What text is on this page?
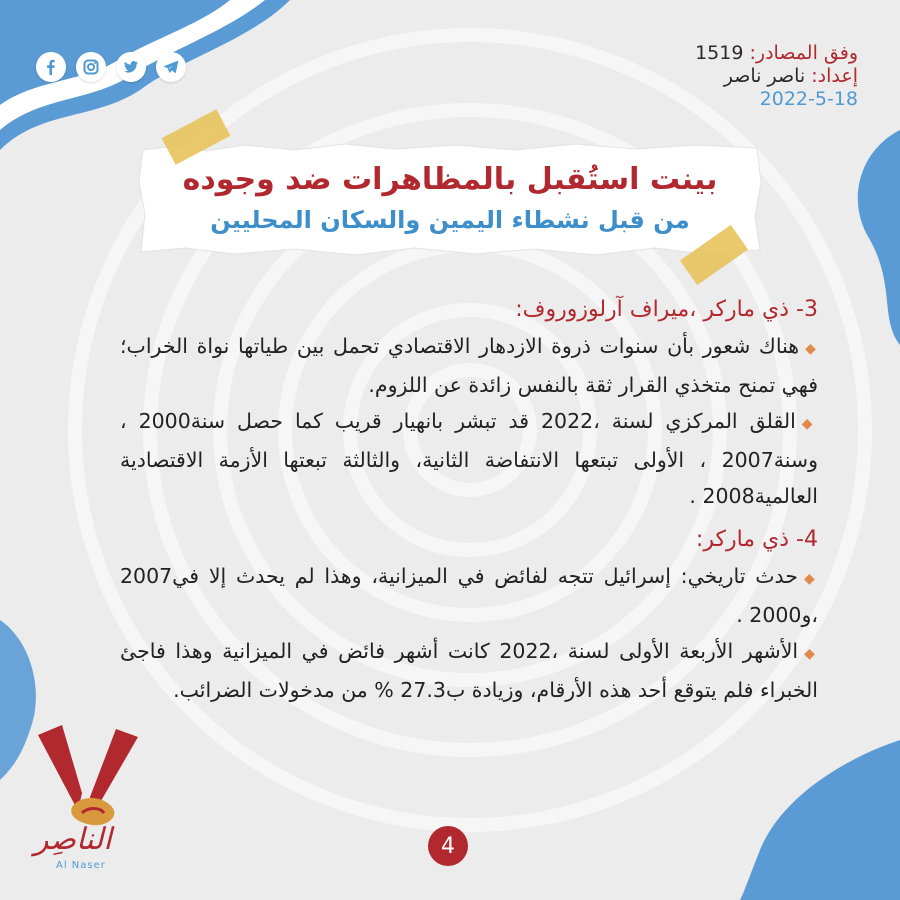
وفق المصادر: 1519
إعداد: ناصر ناصر
2022-5-18
بينت استُقبل بالمظاهرات ضد وجوده
من قبل نشطاء اليمين والسكان المحليين

3- ذي ماركر ،ميراف آرلوزوروف:

◆هناك شعور بأن سنوات ذروة الازدهار الاقتصادي تحمل بين طياتها نواة الخراب؛ فهي تمنح متخذي القرار ثقة بالنفس زائدة عن اللزوم.

◆القلق المركزي لسنة ،2022 قد تبشر بانهيار قريب كما حصل سنة2000 ، وسنة2007 ، الأولى تبتعها الانتفاضة الثانية، والثالثة تبعتها الأزمة الاقتصادية العالمية2008 .

4- ذي ماركر:

◆حدث تاريخي: إسرائيل تتجه لفائض في الميزانية، وهذا لم يحدث إلا في2007 ،و2000 .

◆الأشهر الأربعة الأولى لسنة ،2022 كانت أشهر فائض في الميزانية وهذا فاجئ الخبراء فلم يتوقع أحد هذه الأرقام، وزيادة ب27.3 % من مدخولات الضرائب.

4
الناصِر
Al Naser
